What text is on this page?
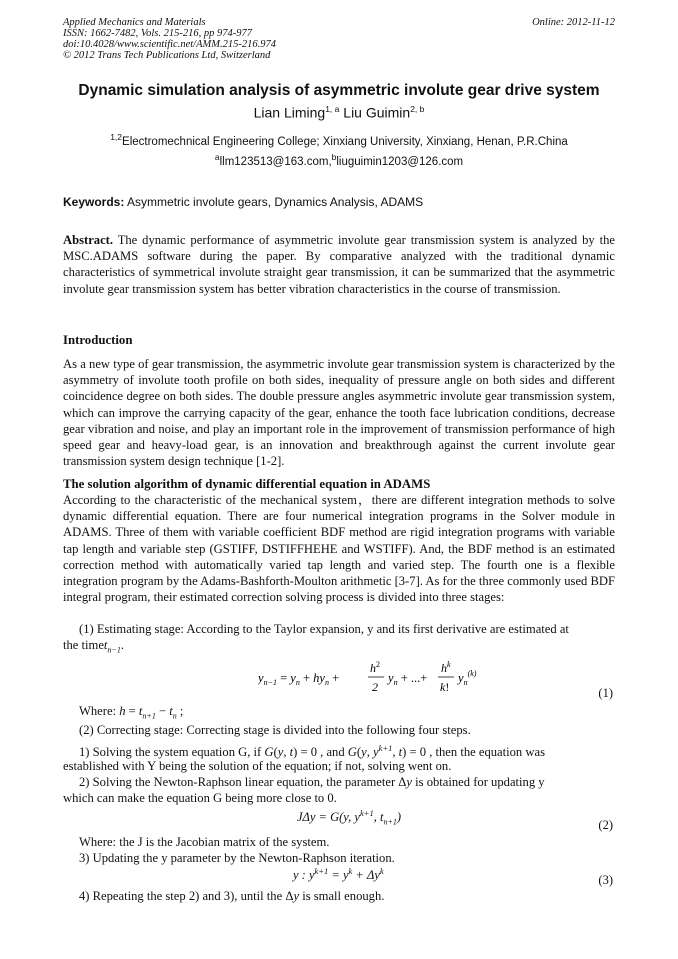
Applied Mechanics and Materials
ISSN: 1662-7482, Vols. 215-216, pp 974-977
doi:10.4028/www.scientific.net/AMM.215-216.974
© 2012 Trans Tech Publications Ltd, Switzerland
Online: 2012-11-12
Dynamic simulation analysis of asymmetric involute gear drive system
Lian Liming$^{1, a}$ Liu Guimin$^{2, b}$
$^{1,2}$Electromechnical Engineering College; Xinxiang University, Xinxiang, Henan, P.R.China
$^a$llm123513@163.com,$^b$liuguimin1203@126.com
Keywords: Asymmetric involute gears, Dynamics Analysis, ADAMS
Abstract. The dynamic performance of asymmetric involute gear transmission system is analyzed by the MSC.ADAMS software during the paper. By comparative analyzed with the traditional dynamic characteristics of symmetrical involute straight gear transmission, it can be summarized that the asymmetric involute gear transmission system has better vibration characteristics in the course of transmission.
Introduction
As a new type of gear transmission, the asymmetric involute gear transmission system is characterized by the asymmetry of involute tooth profile on both sides, inequality of pressure angle on both sides and different coincidence degree on both sides. The double pressure angles asymmetric involute gear transmission system, which can improve the carrying capacity of the gear, enhance the tooth face lubrication conditions, decrease gear vibration and noise, and play an important role in the improvement of transmission performance of high speed gear and heavy-load gear, is an innovation and breakthrough against the current involute gear transmission system design technique [1-2].
The solution algorithm of dynamic differential equation in ADAMS
According to the characteristic of the mechanical system，there are different integration methods to solve dynamic differential equation. There are four numerical integration programs in the Solver module in ADAMS. Three of them with variable coefficient BDF method are rigid integration programs with variable tap length and variable step (GSTIFF, DSTIFFHEHE and WSTIFF). And, the BDF method is an estimated correction method with automatically varied tap length and varied step. The fourth one is a flexible integration program by the Adams-Bashforth-Moulton arithmetic [3-7]. As for the three commonly used BDF integral program, their estimated correction solving process is divided into three stages:
(1) Estimating stage: According to the Taylor expansion, y and its first derivative are estimated at
the timet$_{n-1}$.
$y_{n-1} = y_n + hy_n$ +
$h^2$
2
$y_n$ + ...+
$h^k$
k!
$y_n^{(k)}$
(1)
Where: $h = t_{n+1} - t_n$ ;
(2) Correcting stage: Correcting stage is divided into the following four steps.
1) Solving the system equation G, if G(y, t) = 0 , and G(y, $y^{k+1}$, t) = 0 , then the equation was
established with Y being the solution of the equation; if not, solving went on.
2) Solving the Newton-Raphson linear equation, the parameter Δy is obtained for updating y
which can make the equation G being more close to 0.
JΔy = G(y, $y^{k+1}$, $t_{n+1}$)
(2)
Where: the J is the Jacobian matrix of the system.
3) Updating the y parameter by the Newton-Raphson iteration.
y : $y^{k+1} = y^k + \Delta y^k$
(3)
4) Repeating the step 2) and 3), until the Δy is small enough.
